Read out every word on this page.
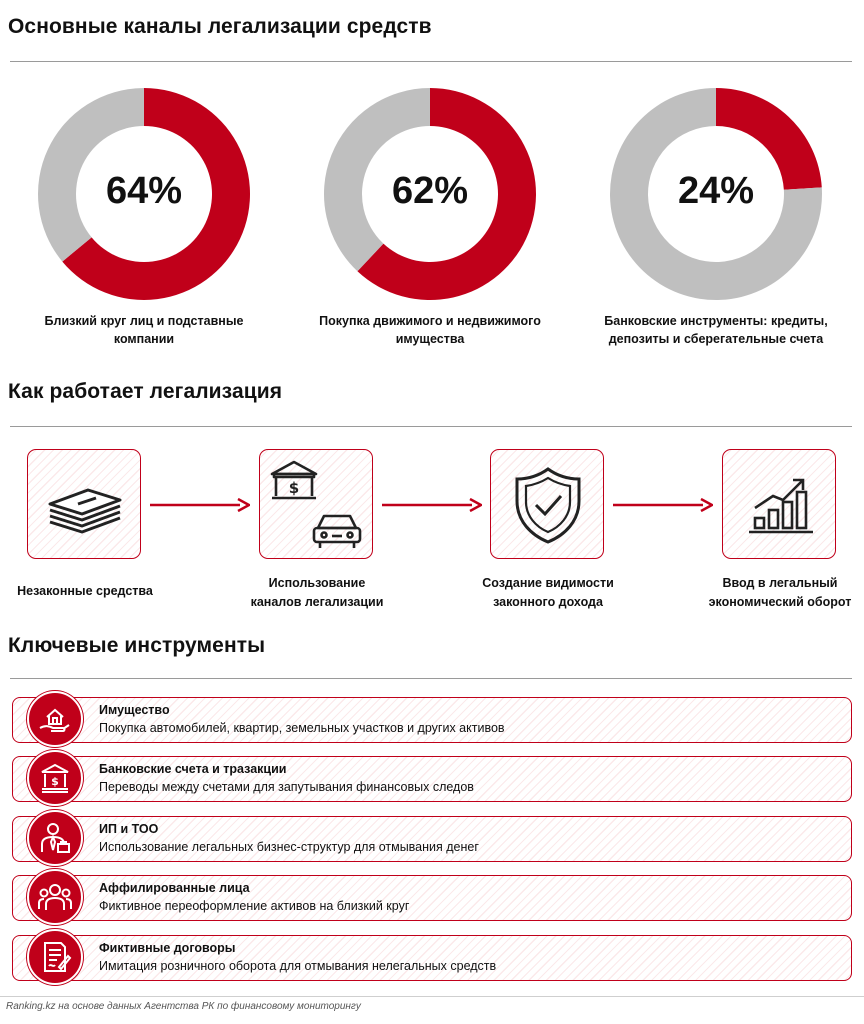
Основные каналы легализации средств
64%
Близкий круг лиц и подставные компании
62%
Покупка движимого и недвижимого имущества
24%
Банковские инструменты: кредиты, депозиты и сберегательные счета
Как работает легализация
$
Незаконные средства
Использование
каналов легализации
Создание видимости
законного дохода
Ввод в легальный
экономический оборот
Ключевые инструменты
Имущество
Покупка автомобилей, квартир, земельных участков и других активов
$
Банковские счета и тразакции
Переводы между счетами для запутывания финансовых следов
ИП и ТОО
Использование легальных бизнес-структур для отмывания денег
Аффилированные лица
Фиктивное переоформление активов на близкий круг
Фиктивные договоры
Имитация розничного оборота для отмывания нелегальных средств
Ranking.kz на основе данных Агентства РК по финансовому мониторингу
